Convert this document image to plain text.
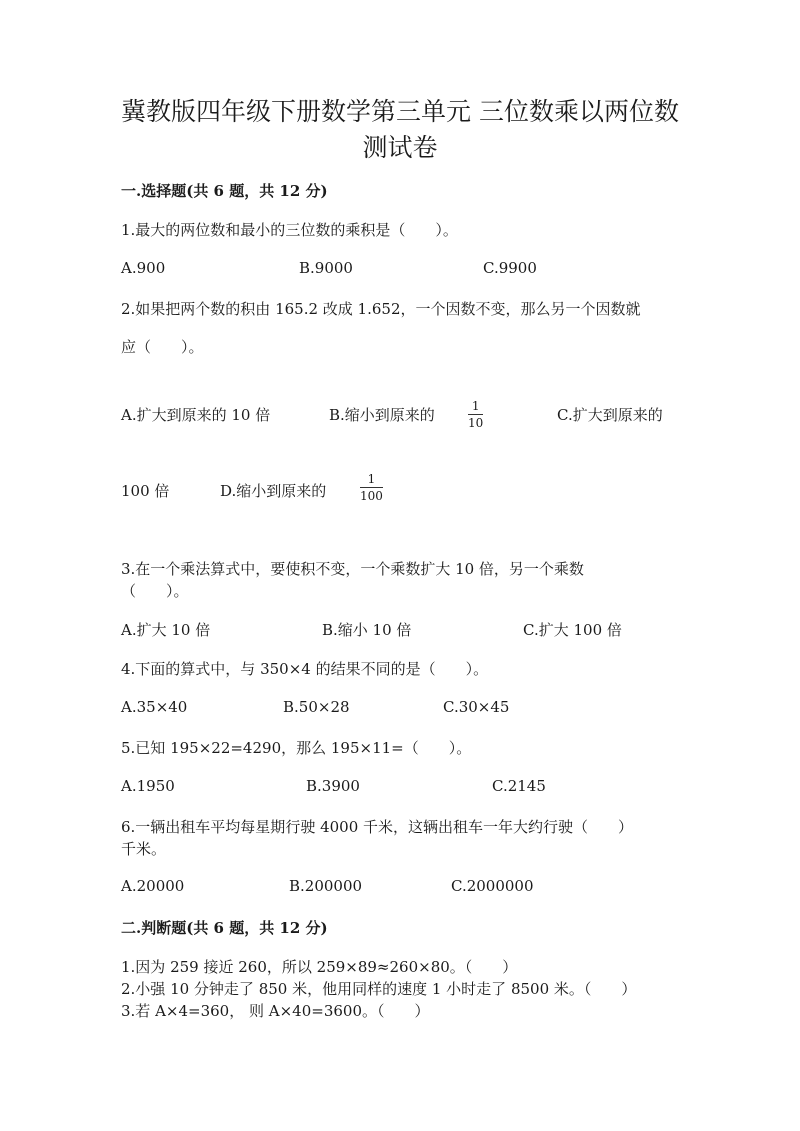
冀教版四年级下册数学第三单元 三位数乘以两位数
测试卷
一.选择题(共 6 题，共 12 分)
1.最大的两位数和最小的三位数的乘积是（　　）。
A.900	B.9000	C.9900
2.如果把两个数的积由 165.2 改成 1.652，一个因数不变，那么另一个因数就
应（　　）。
A.扩大到原来的 10 倍	B.缩小到原来的	1
10	C.扩大到原来的
100 倍	D.缩小到原来的
1
100
3.在一个乘法算式中，要使积不变，一个乘数扩大 10 倍，另一个乘数
（　　）。
A.扩大 10 倍	B.缩小 10 倍	C.扩大 100 倍
4.下面的算式中，与 350×4 的结果不同的是（　　）。
A.35×40	B.50×28	C.30×45
5.已知 195×22=4290，那么 195×11=（　　）。
A.1950	B.3900	C.2145
6.一辆出租车平均每星期行驶 4000 千米，这辆出租车一年大约行驶（　　）
千米。
A.20000	B.200000	C.2000000
二.判断题(共 6 题，共 12 分)
1.因为 259 接近 260，所以 259×89≈260×80。（　　）
2.小强 10 分钟走了 850 米，他用同样的速度 1 小时走了 8500 米。（　　）
3.若 A×4=360， 则 A×40=3600。（　　）
